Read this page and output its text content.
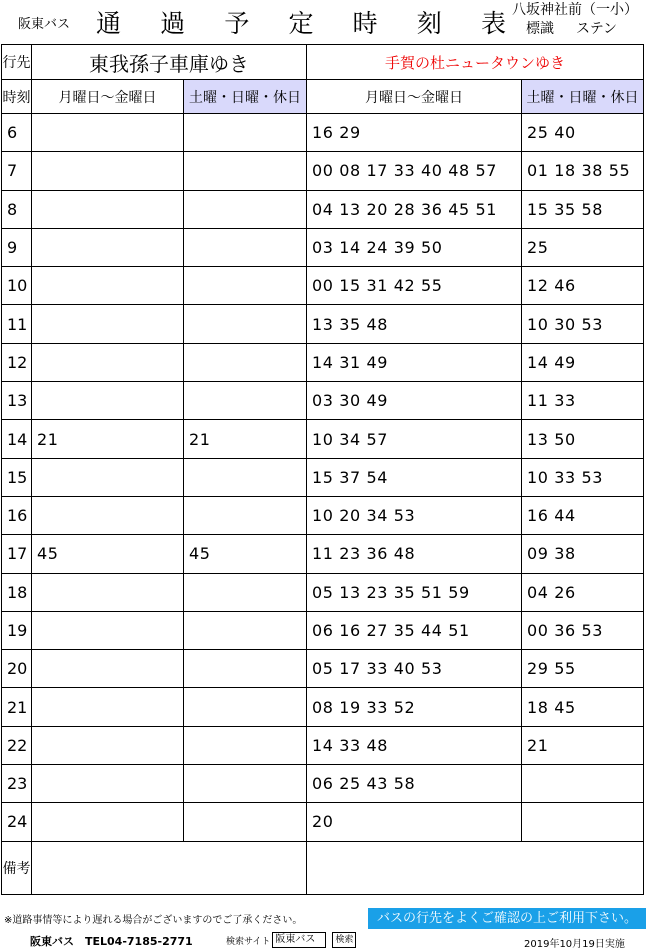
阪東バス 通 過 予 定 時 刻 表 八坂神社前（一小）
標識 ステン
行先	東我孫子車庫ゆき		手賀の杜ニュータウンゆき	
時刻	月曜日～金曜日	土曜・日曜・休日	月曜日～金曜日	土曜・日曜・休日
6			16 29	25 40
7			00 08 17 33 40 48 57	01 18 38 55
8			04 13 20 28 36 45 51	15 35 58
9			03 14 24 39 50	25
10			00 15 31 42 55	12 46
11			13 35 48	10 30 53
12			14 31 49	14 49
13			03 30 49	11 33
14	21	21	10 34 57	13 50
15			15 37 54	10 33 53
16			10 20 34 53	16 44
17	45	45	11 23 36 48	09 38
18			05 13 23 35 51 59	04 26
19			06 16 27 35 44 51	00 36 53
20			05 17 33 40 53	29 55
21			08 19 33 52	18 45
22			14 33 48	21
23			06 25 43 58	
24			20	
備考				
※道路事情等により遅れる場合がございますのでご了承ください。
阪東バス　TEL04-7185-2771	検索サイト 阪東バス	検索
バスの行先をよくご確認の上ご利用下さい。
2019年10月19日実施
